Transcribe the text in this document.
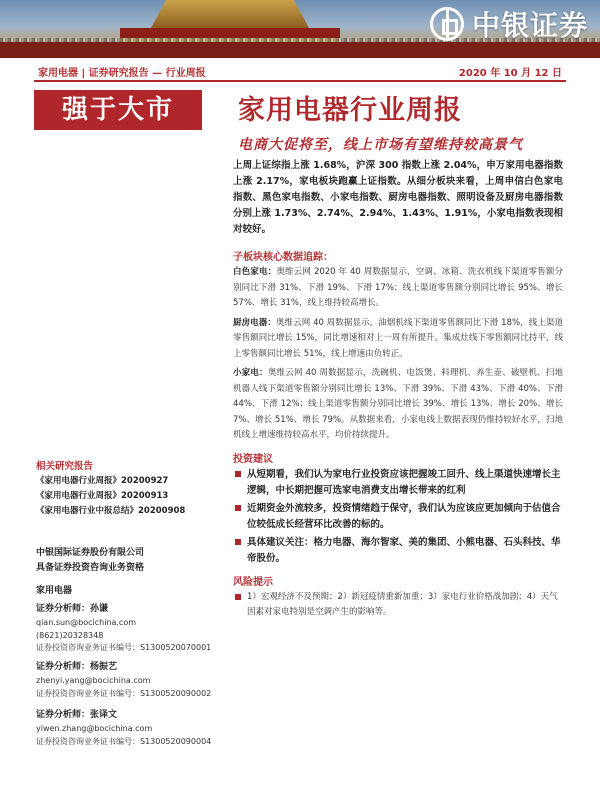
中银证券
家用电器 | 证券研究报告 — 行业周报	2020 年 10 月 12 日
强于大市	家用电器行业周报
电商大促将至，线上市场有望维持较高景气

上周上证综指上涨 1.68%，沪深 300 指数上涨 2.04%，申万家用电器指数上涨 2.17%，家电板块跑赢上证指数。从细分板块来看，上周申信白色家电指数、黑色家电指数、小家电指数、厨房电器指数、照明设备及厨房电器指数分别上涨 1.73%、2.74%、2.94%、1.43%、1.91%，小家电指数表现相对较好。

子板块核心数据追踪：
白色家电：奥维云网 2020 年 40 周数据显示，空调、冰箱、洗衣机线下渠道零售额分别同比下滑 31%、下滑 19%、下滑 17%；线上渠道零售额分别同比增长 95%、增长 57%、增长 31%，线上维持较高增长。
厨房电器：奥维云网 40 周数据显示，油烟机线下渠道零售额同比下滑 18%，线上渠道零售额同比增长 15%，同比增速相对上一周有所提升。集成灶线下零售额同比持平，线上零售额同比增长 51%，线上增速由负转正。
小家电：奥维云网 40 周数据显示，洗碗机、电饭煲、料理机、养生壶、破壁机、扫地机器人线下渠道零售额分别同比增长 13%、下滑 39%、下滑 43%、下滑 40%、下滑 44%、下滑 12%；线上渠道零售额分别同比增长 39%、增长 13%、增长 20%、增长 7%、增长 51%、增长 79%。从数据来看，小家电线上数据表现仍维持较好水平，扫地机线上增速维持较高水平，均价持续提升。
投资建议
从短期看，我们认为家电行业投资应该把握竣工回升、线上渠道快速增长主逻辑，中长期把握可选家电消费支出增长带来的红利
近期资金外流较多，投资情绪趋于保守，我们认为应该应更加倾向于估值合位较低成长经营环比改善的标的。
具体建议关注：格力电器、海尔智家、美的集团、小熊电器、石头科技、华帝股份。
风险提示
1）宏观经济不及预期；2）新冠疫情重新加重；3）家电行业价格战加剧；4）天气因素对家电特别是空调产生的影响等。
相关研究报告
《家用电器行业周报》20200927
《家用电器行业周报》20200913
《家用电器行业中报总结》20200908
中银国际证券股份有限公司
具备证券投资咨询业务资格
家用电器
证券分析师：孙谦
qian.sun@bocichina.com
(8621)20328348
证券投资咨询业务证书编号：S1300520070001
证券分析师：杨振艺
zhenyi.yang@bocichina.com
证券投资咨询业务证书编号：S1300520090002
证券分析师：张译文
yiwen.zhang@bocichina.com
证券投资咨询业务证书编号：S1300520090004
